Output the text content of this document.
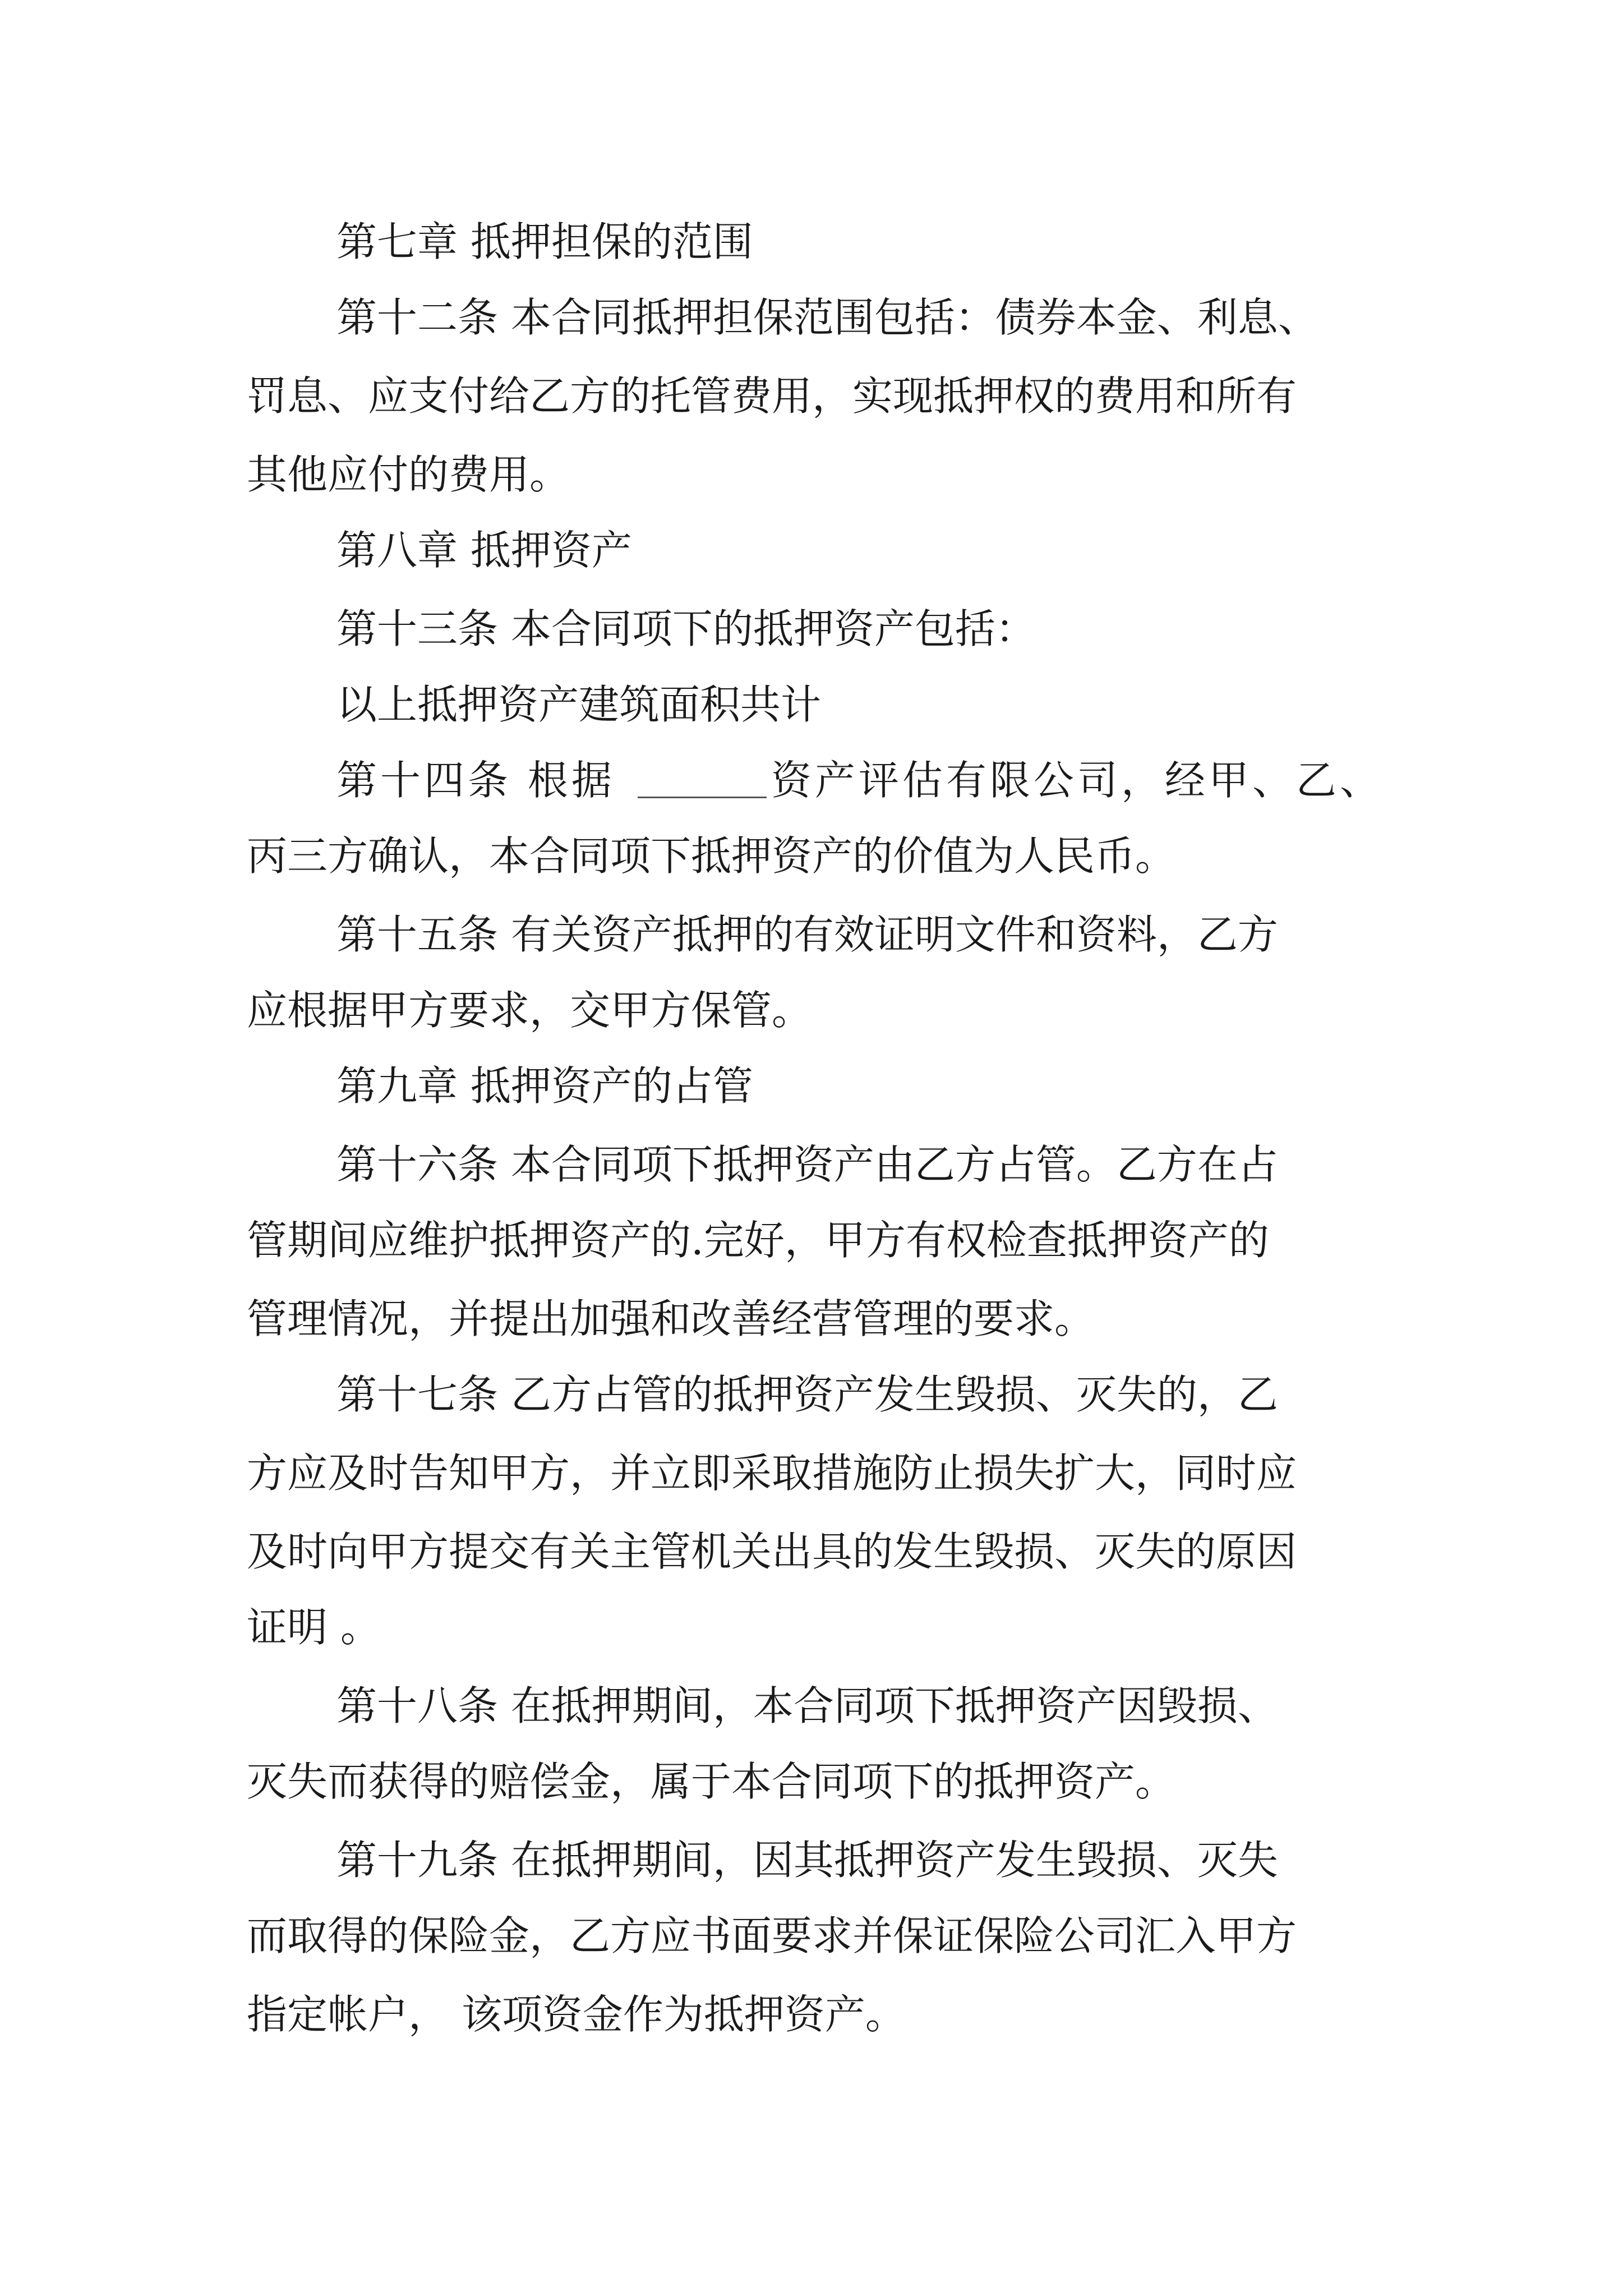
第七章 抵押担保的范围

第十二条 本合同抵押担保范围包括：债券本金、利息、

罚息、应支付给乙方的托管费用，实现抵押权的费用和所有

其他应付的费用。

第八章 抵押资产

第十三条 本合同项下的抵押资产包括：

以上抵押资产建筑面积共计

第十四条 根据	资产评估有限公司，经甲、乙、

丙三方确认，本合同项下抵押资产的价值为人民币。

第十五条 有关资产抵押的有效证明文件和资料，乙方

应根据甲方要求，交甲方保管。

第九章 抵押资产的占管

第十六条 本合同项下抵押资产由乙方占管。乙方在占

管期间应维护抵押资产的.完好，甲方有权检查抵押资产的

管理情况，并提出加强和改善经营管理的要求。

第十七条 乙方占管的抵押资产发生毁损、灭失的，乙

方应及时告知甲方，并立即采取措施防止损失扩大，同时应

及时向甲方提交有关主管机关出具的发生毁损、灭失的原因

证明 。

第十八条 在抵押期间，本合同项下抵押资产因毁损、

灭失而获得的赔偿金，属于本合同项下的抵押资产。

第十九条 在抵押期间，因其抵押资产发生毁损、灭失

而取得的保险金，乙方应书面要求并保证保险公司汇入甲方

指定帐户， 该项资金作为抵押资产。
